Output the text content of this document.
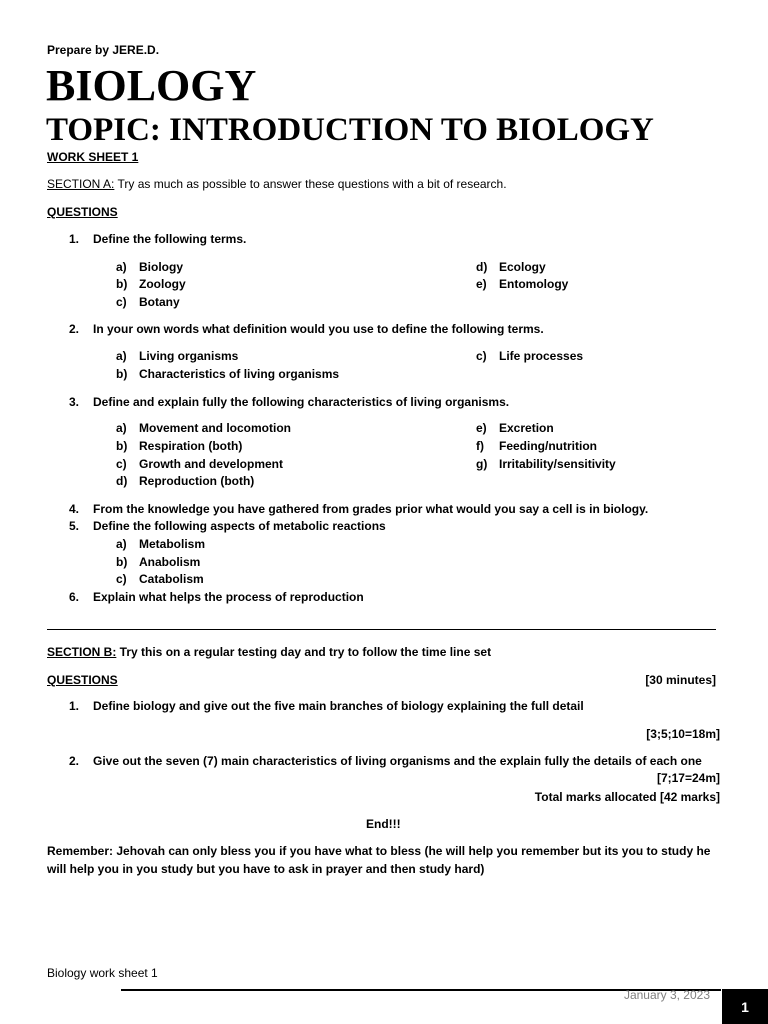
Prepare by JERE.D.
BIOLOGY
TOPIC: INTRODUCTION TO BIOLOGY
WORK SHEET 1
SECTION A: Try as much as possible to answer these questions with a bit of research.
QUESTIONS
1. Define the following terms.
a) Biology
b) Zoology
c) Botany
d) Ecology
e) Entomology
2. In your own words what definition would you use to define the following terms.
a) Living organisms
b) Characteristics of living organisms
c) Life processes
3. Define and explain fully the following characteristics of living organisms.
a) Movement and locomotion
b) Respiration (both)
c) Growth and development
d) Reproduction (both)
e) Excretion
f) Feeding/nutrition
g) Irritability/sensitivity
4. From the knowledge you have gathered from grades prior what would you say a cell is in biology.
5. Define the following aspects of metabolic reactions
a) Metabolism
b) Anabolism
c) Catabolism
6. Explain what helps the process of reproduction
SECTION B: Try this on a regular testing day and try to follow the time line set
QUESTIONS	[30 minutes]
1. Define biology and give out the five main branches of biology explaining the full detail
[3;5;10=18m]
2. Give out the seven (7) main characteristics of living organisms and the explain fully the details of each one
[7;17=24m]
Total marks allocated [42 marks]
End!!!
Remember: Jehovah can only bless you if you have what to bless (he will help you remember but its you to study he
will help you in you study but you have to ask in prayer and then study hard)
Biology work sheet 1
January 3, 2023
1
